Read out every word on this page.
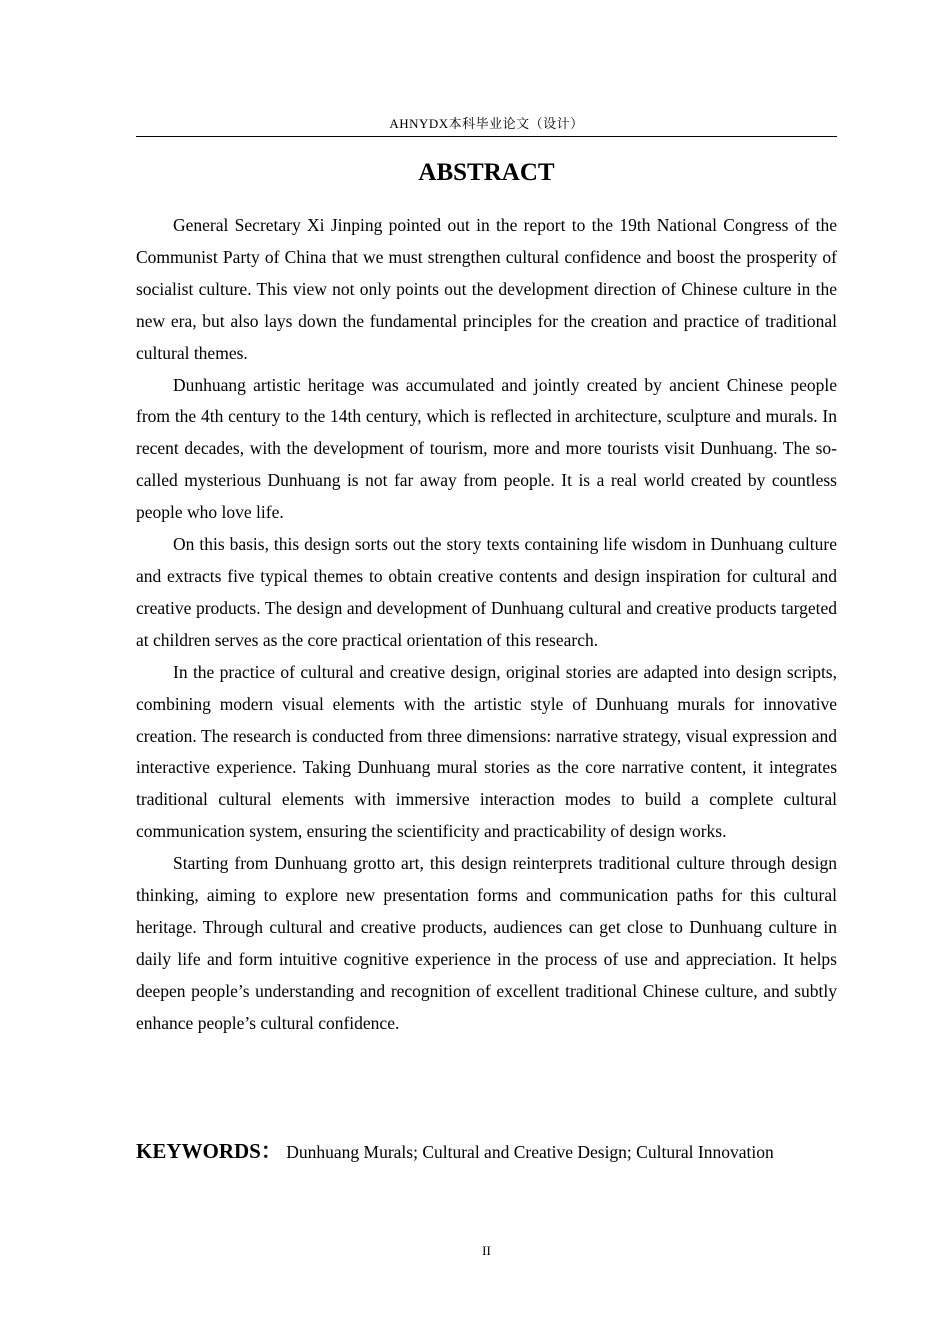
AHNYDX本科毕业论文（设计）
ABSTRACT

General Secretary Xi Jinping pointed out in the report to the 19th National Congress of the Communist Party of China that we must strengthen cultural confidence and boost the prosperity of socialist culture. This view not only points out the development direction of Chinese culture in the new era, but also lays down the fundamental principles for the creation and practice of traditional cultural themes.

Dunhuang artistic heritage was accumulated and jointly created by ancient Chinese people from the 4th century to the 14th century, which is reflected in architecture, sculpture and murals. In recent decades, with the development of tourism, more and more tourists visit Dunhuang. The so-called mysterious Dunhuang is not far away from people. It is a real world created by countless people who love life.

On this basis, this design sorts out the story texts containing life wisdom in Dunhuang culture and extracts five typical themes to obtain creative contents and design inspiration for cultural and creative products. The design and development of Dunhuang cultural and creative products targeted at children serves as the core practical orientation of this research.

In the practice of cultural and creative design, original stories are adapted into design scripts, combining modern visual elements with the artistic style of Dunhuang murals for innovative creation. The research is conducted from three dimensions: narrative strategy, visual expression and interactive experience. Taking Dunhuang mural stories as the core narrative content, it integrates traditional cultural elements with immersive interaction modes to build a complete cultural communication system, ensuring the scientificity and practicability of design works.

Starting from Dunhuang grotto art, this design reinterprets traditional culture through design thinking, aiming to explore new presentation forms and communication paths for this cultural heritage. Through cultural and creative products, audiences can get close to Dunhuang culture in daily life and form intuitive cognitive experience in the process of use and appreciation. It helps deepen people’s understanding and recognition of excellent traditional Chinese culture, and subtly enhance people’s cultural confidence.

KEYWORDS： Dunhuang Murals; Cultural and Creative Design; Cultural Innovation
II
